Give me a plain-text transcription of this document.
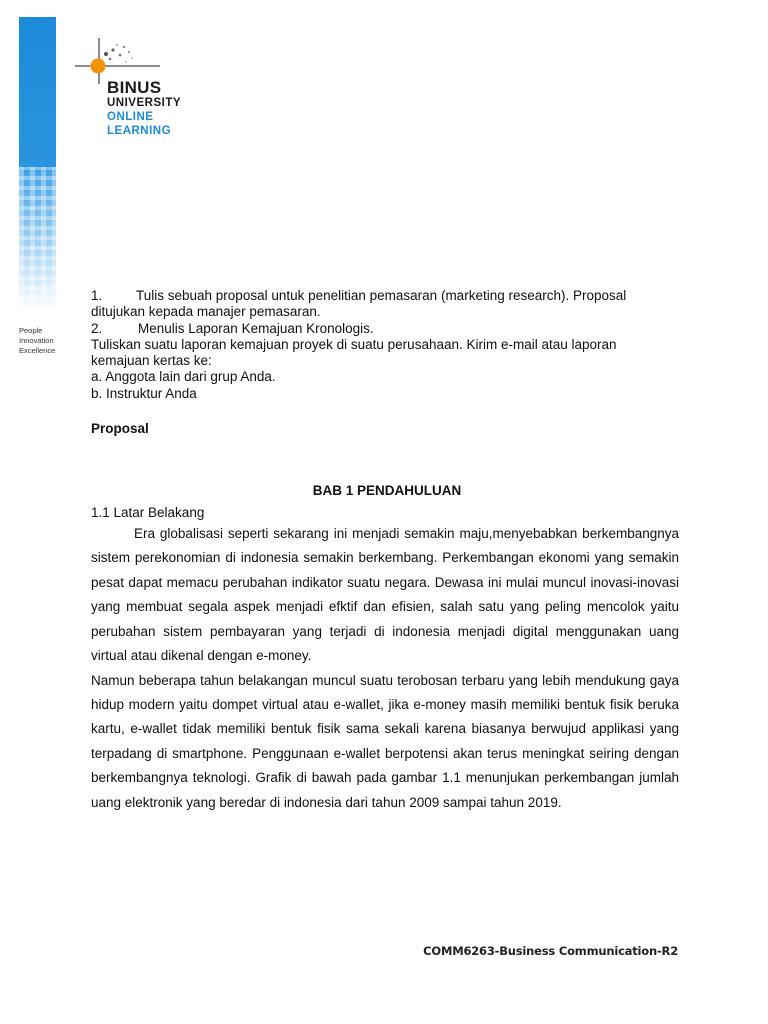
People
Innovation
Excellence
BINUS
UNIVERSITY
ONLINE
LEARNING
1. Tulis sebuah proposal untuk penelitian pemasaran (marketing research). Proposal
ditujukan kepada manajer pemasaran.
2.	Menulis Laporan Kemajuan Kronologis.
Tuliskan suatu laporan kemajuan proyek di suatu perusahaan. Kirim e-mail atau laporan
kemajuan kertas ke:
a. Anggota lain dari grup Anda.
b. Instruktur Anda
Proposal
BAB 1 PENDAHULUAN
1.1 Latar Belakang

Era globalisasi seperti sekarang ini menjadi semakin maju,menyebabkan berkembangnya sistem perekonomian di indonesia semakin berkembang. Perkembangan ekonomi yang semakin pesat dapat memacu perubahan indikator suatu negara. Dewasa ini mulai muncul inovasi-inovasi yang membuat segala aspek menjadi efktif dan efisien, salah satu yang peling mencolok yaitu perubahan sistem pembayaran yang terjadi di indonesia menjadi digital menggunakan uang virtual atau dikenal dengan e-money.

Namun beberapa tahun belakangan muncul suatu terobosan terbaru yang lebih mendukung gaya hidup modern yaitu dompet virtual atau e-wallet, jika e-money masih memiliki bentuk fisik beruka kartu, e-wallet tidak memiliki bentuk fisik sama sekali karena biasanya berwujud applikasi yang terpadang di smartphone. Penggunaan e-wallet berpotensi akan terus meningkat seiring dengan berkembangnya teknologi. Grafik di bawah pada gambar 1.1 menunjukan perkembangan jumlah uang elektronik yang beredar di indonesia dari tahun 2009 sampai tahun 2019.

COMM6263-Business Communication-R2
